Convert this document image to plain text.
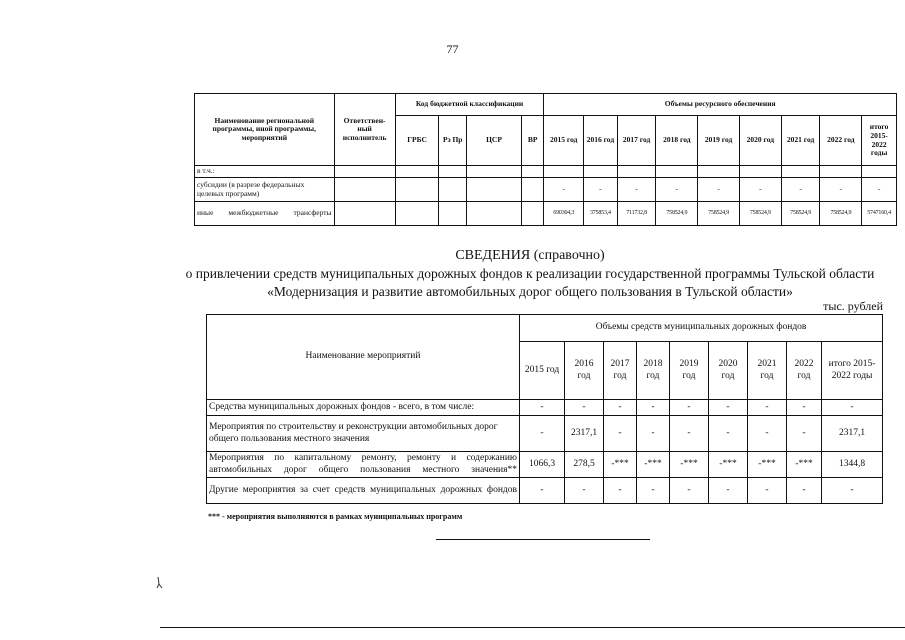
77
Наименование региональной программы, иной программы, мероприятий	Ответствен-ный исполнитель	Код бюджетной классификации				Объемы ресурсного обеспечения								
		ГРБС	Рз Пр	ЦСР	ВР	2015 год	2016 год	2017 год	2018 год	2019 год	2020 год	2021 год	2022 год	итого 2015-2022 годы
в т.ч.:														
субсидии (в разрезе федеральных целевых программ)						-	-	-	-	-	-	-	-	-
иные межбюджетные трансферты						690304,3	375853,4	711732,8	758524,9	758524,9	758524,9	758524,9	758524,9	5747160,4
СВЕДЕНИЯ (справочно)
о привлечении средств муниципальных дорожных фондов к реализации государственной программы Тульской области
«Модернизация и развитие автомобильных дорог общего пользования в Тульской области»
тыс. рублей
Наименование мероприятий	Объемы средств муниципальных дорожных фондов								
	2015 год	2016 год	2017 год	2018 год	2019 год	2020 год	2021 год	2022 год	итого 2015-2022 годы
Средства муниципальных дорожных фондов - всего, в том числе:	-	-	-	-	-	-	-	-	-
Мероприятия по строительству и реконструкции автомобильных дорог общего пользования местного значения	-	2317,1	-	-	-	-	-	-	2317,1
Мероприятия по капитальному ремонту, ремонту и содержанию автомобильных дорог общего пользования местного значения**	1066,3	278,5	-***	-***	-***	-***	-***	-***	1344,8
Другие мероприятия за счет средств муниципальных дорожных фондов	-	-	-	-	-	-	-	-	-
*** - мероприятия выполняются в рамках муниципальных программ
